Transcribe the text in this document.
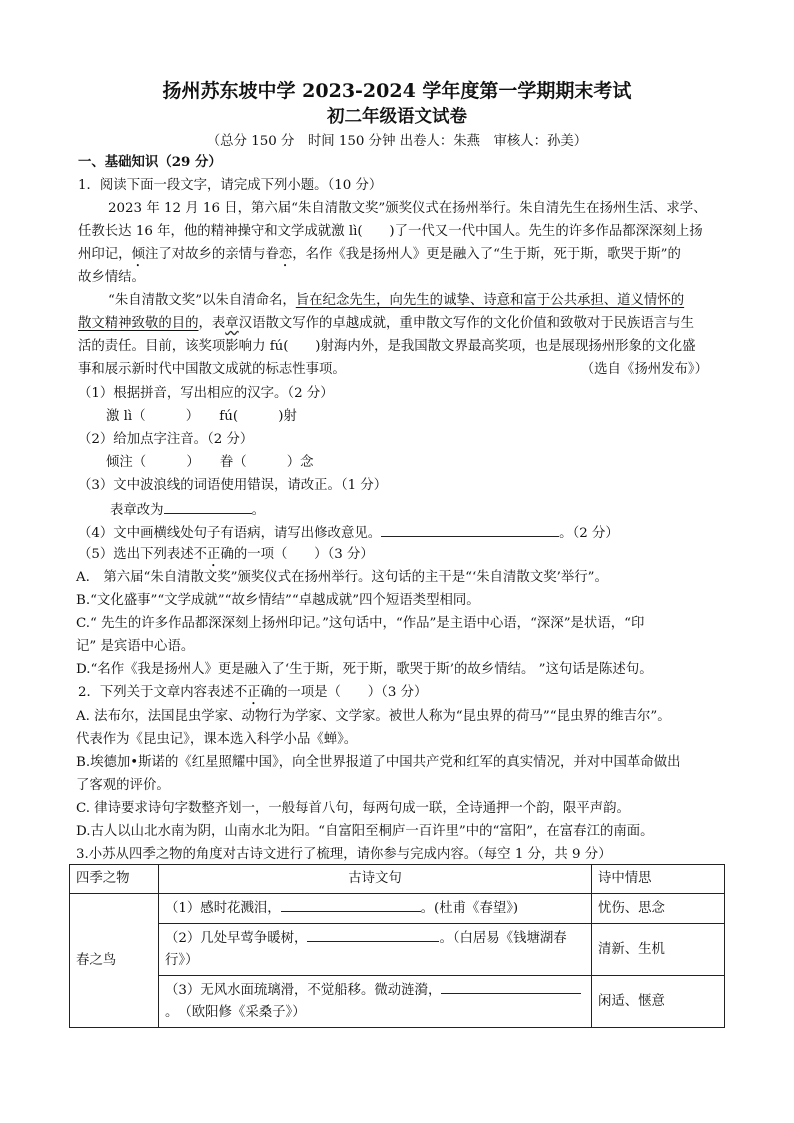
扬州苏东坡中学 2023-2024 学年度第一学期期末考试
初二年级语文试卷
（总分 150 分　时间 150 分钟 出卷人：朱燕　审核人：孙美）
一、基础知识（29 分）
1．阅读下面一段文字，请完成下列小题。（10 分）
2023 年 12 月 16 日，第六届“朱自清散文奖”颁奖仪式在扬州举行。朱自清先生在扬州生活、求学、
任教长达 16 年，他的精神操守和文学成就激 lì(　　)了一代又一代中国人。先生的许多作品都深深刻上扬
州印记，倾注了对故乡的亲情与眷恋，名作《我是扬州人》更是融入了“生于斯，死于斯，歌哭于斯”的
故乡情结。
“朱自清散文奖”以朱自清命名，旨在纪念先生，向先生的诚挚、诗意和富于公共承担、道义情怀的
散文精神致敬的目的，表章汉语散文写作的卓越成就，重申散文写作的文化价值和致敬对于民族语言与生
活的责任。目前，该奖项影响力 fú(　　)射海内外，是我国散文界最高奖项，也是展现扬州形象的文化盛
事和展示新时代中国散文成就的标志性事项。	（选自《扬州发布》）
（1）根据拼音，写出相应的汉字。（2 分）
激 lì（　　　）　　fú(　　　)射
（2）给加点字注音。（2 分）
倾注（　　　）　　眷（　　　）念
（3）文中波浪线的词语使用错误，请改正。（1 分）
表章改为	。
（4）文中画横线处句子有语病，请写出修改意见。	。（2 分）
（5）选出下列表述不正确的一项（　　）（3 分）
A.　第六届“朱自清散文奖”颁奖仪式在扬州举行。这句话的主干是“‘朱自清散文奖’举行”。
B.“文化盛事”“文学成就”“故乡情结”“卓越成就”四个短语类型相同。
C.“ 先生的许多作品都深深刻上扬州印记。”这句话中，“作品”是主语中心语，“深深”是状语，“印
记” 是宾语中心语。
D.“名作《我是扬州人》更是融入了‘生于斯，死于斯，歌哭于斯’的故乡情结。 ”这句话是陈述句。
2．下列关于文章内容表述不正确的一项是（　　）（3 分）
A. 法布尔，法国昆虫学家、动物行为学家、文学家。被世人称为“昆虫界的荷马”“昆虫界的维吉尔”。
代表作为《昆虫记》，课本选入科学小品《蝉》。
B.埃德加•斯诺的《红星照耀中国》，向全世界报道了中国共产党和红军的真实情况，并对中国革命做出
了客观的评价。
C. 律诗要求诗句字数整齐划一，一般每首八句，每两句成一联，全诗通押一个韵，限平声韵。
D.古人以山北水南为阴，山南水北为阳。“自富阳至桐庐一百许里”中的“富阳”，在富春江的南面。
3.小苏从四季之物的角度对古诗文进行了梳理，请你参与完成内容。（每空 1 分，共 9 分）
四季之物	古诗文句	诗中情思
春之鸟	（1）感时花溅泪， 。(杜甫《春望》)	忧伤、思念
	（2）几处早莺争暖树， 。（白居易《钱塘湖春行》）	清新、生机
	（3）无风水面琉璃滑，不觉船移。微动涟漪，。　（欧阳修《采桑子》）	闲适、惬意
